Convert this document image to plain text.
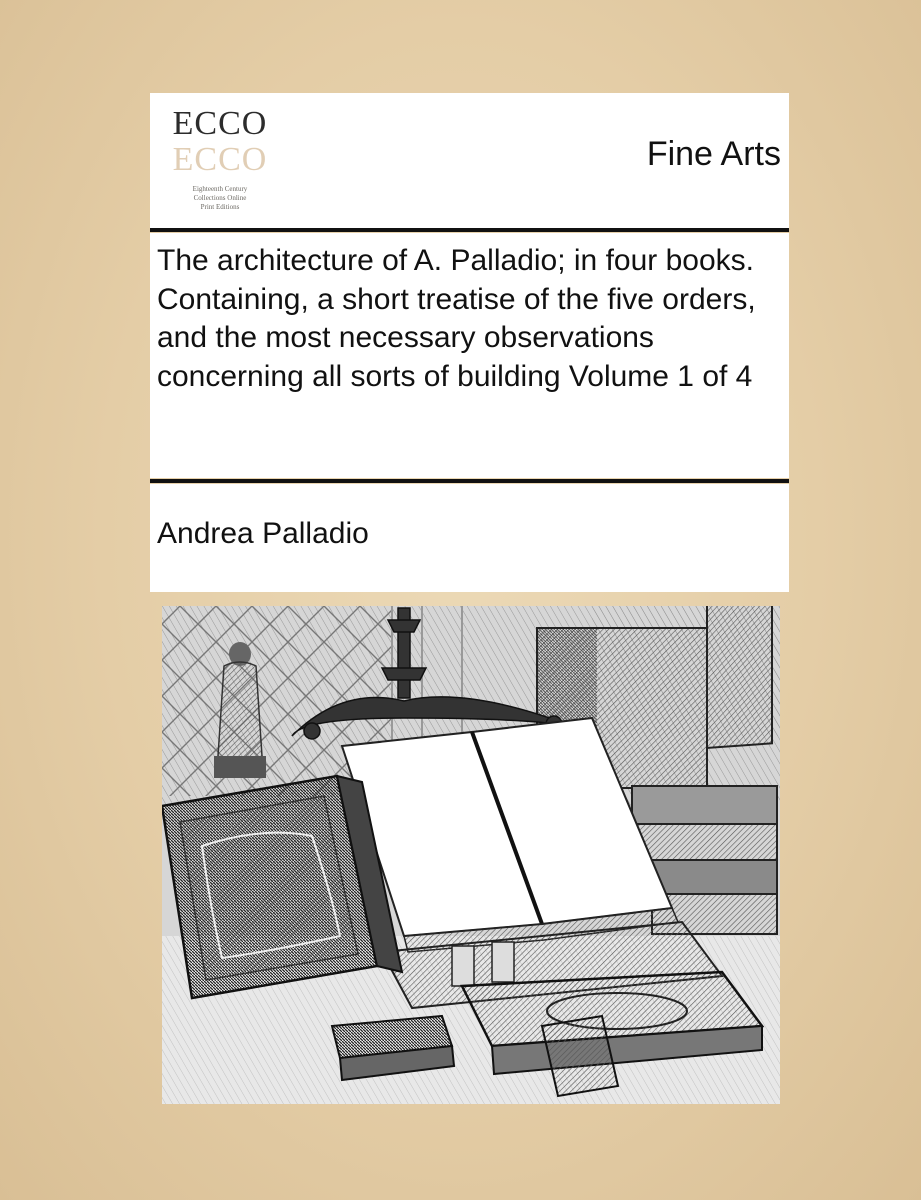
ECCO
ECCO
Eighteenth Century
Collections Online
Print Editions
Fine Arts
The architecture of A. Palladio; in four books. Containing, a short treatise of the five orders, and the most necessary observations concerning all sorts of building Volume 1 of 4
Andrea Palladio
